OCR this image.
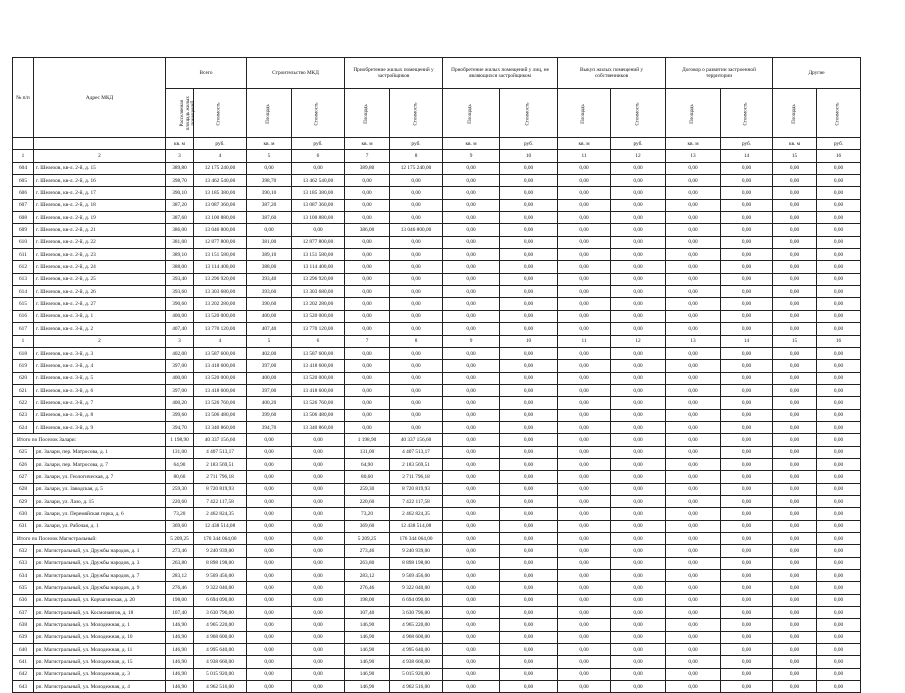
№ п/п	Адрес МКД	Всего		Строительство МКД		Приобретение жилых помещений у застройщиков		Приобретение жилых помещений у лиц, не являющихся застройщиком		Выкуп жилых помещений у собственников		Договор о развитии застроенной территории		Другие	
		Расселяемая площадь жилых помещений	Стоимость	Площадь	Стоимость	Площадь	Стоимость	Площадь	Стоимость	Площадь	Стоимость	Площадь	Стоимость	Площадь	Стоимость
		кв. м	руб.	кв. м	руб.	кв. м	руб.	кв. м	руб.	кв. м	руб.	кв. м	руб.	кв. м	руб.
1	2	3	4	5	6	7	8	9	10	11	12	13	14	15	16
604	г. Шелехов, кв-л. 2-й, д. 15	389,80	12 175 240,00	0,00	0,00	389,80	12 175 240,00	0,00	0,00	0,00	0,00	0,00	0,00	0,00	0,00
605	г. Шелехов, кв-л. 2-й, д. 16	398,70	13 462 540,00	398,70	13 462 540,00	0,00	0,00	0,00	0,00	0,00	0,00	0,00	0,00	0,00	0,00
606	г. Шелехов, кв-л. 2-й, д. 17	390,10	13 185 380,00	390,10	13 185 380,00	0,00	0,00	0,00	0,00	0,00	0,00	0,00	0,00	0,00	0,00
607	г. Шелехов, кв-л. 2-й, д. 18	387,20	13 087 360,00	387,20	13 087 360,00	0,00	0,00	0,00	0,00	0,00	0,00	0,00	0,00	0,00	0,00
608	г. Шелехов, кв-л. 2-й, д. 19	387,60	13 100 880,00	387,60	13 100 880,00	0,00	0,00	0,00	0,00	0,00	0,00	0,00	0,00	0,00	0,00
609	г. Шелехов, кв-л. 2-й, д. 21	386,00	13 046 800,00	0,00	0,00	386,00	13 046 800,00	0,00	0,00	0,00	0,00	0,00	0,00	0,00	0,00
610	г. Шелехов, кв-л. 2-й, д. 22	381,00	12 877 800,00	381,00	12 877 800,00	0,00	0,00	0,00	0,00	0,00	0,00	0,00	0,00	0,00	0,00
611	г. Шелехов, кв-л. 2-й, д. 23	389,10	13 151 580,00	389,10	13 151 580,00	0,00	0,00	0,00	0,00	0,00	0,00	0,00	0,00	0,00	0,00
612	г. Шелехов, кв-л. 2-й, д. 24	388,00	13 114 400,00	388,00	13 114 400,00	0,00	0,00	0,00	0,00	0,00	0,00	0,00	0,00	0,00	0,00
613	г. Шелехов, кв-л. 2-й, д. 25	393,40	13 296 920,00	393,40	13 296 920,00	0,00	0,00	0,00	0,00	0,00	0,00	0,00	0,00	0,00	0,00
614	г. Шелехов, кв-л. 2-й, д. 26	393,60	13 303 680,00	393,60	13 303 680,00	0,00	0,00	0,00	0,00	0,00	0,00	0,00	0,00	0,00	0,00
615	г. Шелехов, кв-л. 2-й, д. 27	390,60	13 202 280,00	390,60	13 202 280,00	0,00	0,00	0,00	0,00	0,00	0,00	0,00	0,00	0,00	0,00
616	г. Шелехов, кв-л. 3-й, д. 1	400,00	13 520 000,00	400,00	13 520 000,00	0,00	0,00	0,00	0,00	0,00	0,00	0,00	0,00	0,00	0,00
617	г. Шелехов, кв-л. 3-й, д. 2	407,40	13 770 120,00	407,40	13 770 120,00	0,00	0,00	0,00	0,00	0,00	0,00	0,00	0,00	0,00	0,00
1	2	3	4	5	6	7	8	9	10	11	12	13	14	15	16
618	г. Шелехов, кв-л. 3-й, д. 3	402,00	13 587 600,00	402,00	13 587 600,00	0,00	0,00	0,00	0,00	0,00	0,00	0,00	0,00	0,00	0,00
619	г. Шелехов, кв-л. 3-й, д. 4	397,00	13 418 600,00	397,00	13 418 600,00	0,00	0,00	0,00	0,00	0,00	0,00	0,00	0,00	0,00	0,00
620	г. Шелехов, кв-л. 3-й, д. 5	400,00	13 520 000,00	400,00	13 520 000,00	0,00	0,00	0,00	0,00	0,00	0,00	0,00	0,00	0,00	0,00
621	г. Шелехов, кв-л. 3-й, д. 6	397,00	13 418 600,00	397,00	13 418 600,00	0,00	0,00	0,00	0,00	0,00	0,00	0,00	0,00	0,00	0,00
622	г. Шелехов, кв-л. 3-й, д. 7	400,20	13 526 760,00	400,20	13 526 760,00	0,00	0,00	0,00	0,00	0,00	0,00	0,00	0,00	0,00	0,00
623	г. Шелехов, кв-л. 3-й, д. 8	399,60	13 506 480,00	399,60	13 506 480,00	0,00	0,00	0,00	0,00	0,00	0,00	0,00	0,00	0,00	0,00
624	г. Шелехов, кв-л. 3-й, д. 9	394,70	13 340 860,00	394,70	13 340 860,00	0,00	0,00	0,00	0,00	0,00	0,00	0,00	0,00	0,00	0,00
Итого по Поселок Залари:		1 198,90	40 337 156,60	0,00	0,00	1 198,90	40 337 156,60	0,00	0,00	0,00	0,00	0,00	0,00	0,00	0,00
625	рп. Залари, пер. Матросова, д. 1	131,00	4 407 513,17	0,00	0,00	131,00	4 407 513,17	0,00	0,00	0,00	0,00	0,00	0,00	0,00	0,00
626	рп. Залари, пер. Матросова, д. 7	64,90	2 183 569,51	0,00	0,00	64,90	2 183 569,51	0,00	0,00	0,00	0,00	0,00	0,00	0,00	0,00
627	рп. Залари, ул. Геологическая, д. 7	80,60	2 711 796,18	0,00	0,00	80,60	2 711 796,18	0,00	0,00	0,00	0,00	0,00	0,00	0,00	0,00
628	рп. Залари, ул. Заводская, д. 5	259,30	8 720 819,93	0,00	0,00	259,30	8 720 819,93	0,00	0,00	0,00	0,00	0,00	0,00	0,00	0,00
629	рп. Залари, ул. Лазо, д. 15	220,60	7 422 117,58	0,00	0,00	220,60	7 422 117,58	0,00	0,00	0,00	0,00	0,00	0,00	0,00	0,00
630	рп. Залари, ул. Перемяйская горка, д. 6	73,20	2 462 824,35	0,00	0,00	73,20	2 462 824,35	0,00	0,00	0,00	0,00	0,00	0,00	0,00	0,00
631	рп. Залари, ул. Рабочая, д. 1	369,60	12 438 514,08	0,00	0,00	369,60	12 438 514,08	0,00	0,00	0,00	0,00	0,00	0,00	0,00	0,00
Итого по Поселок Магистральный:		5 209,25	176 344 064,00	0,00	0,00	5 209,25	176 344 064,00	0,00	0,00	0,00	0,00	0,00	0,00	0,00	0,00
632	рп. Магистральный, ул. Дружбы народов, д. 1	273,46	9 240 939,00	0,00	0,00	273,46	9 240 939,00	0,00	0,00	0,00	0,00	0,00	0,00	0,00	0,00
633	рп. Магистральный, ул. Дружбы народов, д. 3	263,80	8 898 198,00	0,00	0,00	263,80	8 898 198,00	0,00	0,00	0,00	0,00	0,00	0,00	0,00	0,00
634	рп. Магистральный, ул. Дружбы народов, д. 7	283,12	9 569 456,00	0,00	0,00	283,12	9 569 456,00	0,00	0,00	0,00	0,00	0,00	0,00	0,00	0,00
635	рп. Магистральный, ул. Дружбы народов, д. 9	276,46	9 322 040,00	0,00	0,00	276,46	9 322 040,00	0,00	0,00	0,00	0,00	0,00	0,00	0,00	0,00
636	рп. Магистральный, ул. Корчагинская, д. 20	198,00	6 694 090,00	0,00	0,00	198,00	6 694 090,00	0,00	0,00	0,00	0,00	0,00	0,00	0,00	0,00
637	рп. Магистральный, ул. Космонавтов, д. 18	107,40	3 630 796,00	0,00	0,00	107,40	3 630 796,00	0,00	0,00	0,00	0,00	0,00	0,00	0,00	0,00
638	рп. Магистральный, ул. Молодежная, д. 1	146,90	4 965 220,00	0,00	0,00	146,90	4 965 220,00	0,00	0,00	0,00	0,00	0,00	0,00	0,00	0,00
639	рп. Магистральный, ул. Молодежная, д. 10	146,90	4 968 600,00	0,00	0,00	146,90	4 968 600,00	0,00	0,00	0,00	0,00	0,00	0,00	0,00	0,00
640	рп. Магистральный, ул. Молодежная, д. 11	146,90	4 995 640,00	0,00	0,00	146,90	4 995 640,00	0,00	0,00	0,00	0,00	0,00	0,00	0,00	0,00
641	рп. Магистральный, ул. Молодежная, д. 15	146,90	4 938 660,00	0,00	0,00	146,90	4 938 660,00	0,00	0,00	0,00	0,00	0,00	0,00	0,00	0,00
642	рп. Магистральный, ул. Молодежная, д. 3	146,90	5 015 920,00	0,00	0,00	146,90	5 015 920,00	0,00	0,00	0,00	0,00	0,00	0,00	0,00	0,00
643	рп. Магистральный, ул. Молодежная, д. 4	146,90	4 962 516,00	0,00	0,00	146,90	4 962 516,00	0,00	0,00	0,00	0,00	0,00	0,00	0,00	0,00
